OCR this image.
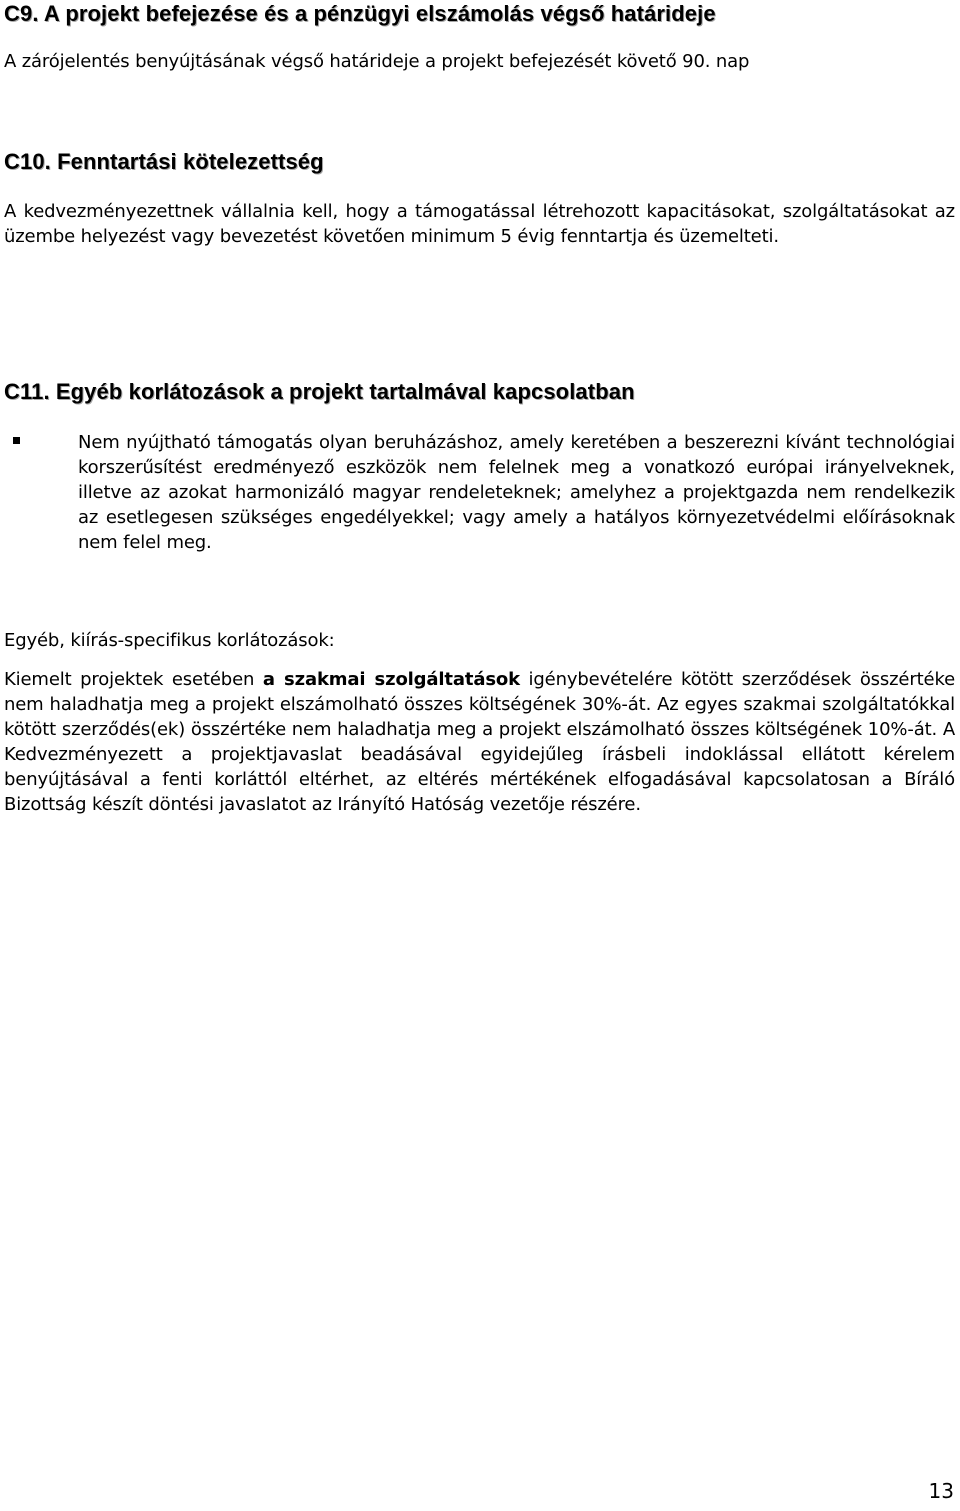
C9. A projekt befejezése és a pénzügyi elszámolás végső határideje

A zárójelentés benyújtásának végső határideje a projekt befejezését követő 90. nap

C10. Fenntartási kötelezettség

A kedvezményezettnek vállalnia kell, hogy a támogatással létrehozott kapacitásokat, szolgáltatásokat az üzembe helyezést vagy bevezetést követően minimum 5 évig fenntartja és üzemelteti.

C11. Egyéb korlátozások a projekt tartalmával kapcsolatban

Nem nyújtható támogatás olyan beruházáshoz, amely keretében a beszerezni kívánt technológiai korszerűsítést eredményező eszközök nem felelnek meg a vonatkozó európai irányelveknek, illetve az azokat harmonizáló magyar rendeleteknek; amelyhez a projektgazda nem rendelkezik az esetlegesen szükséges engedélyekkel; vagy amely a hatályos környezetvédelmi előírásoknak nem felel meg.

Egyéb, kiírás-specifikus korlátozások:

Kiemelt projektek esetében a szakmai szolgáltatások igénybevételére kötött szerződések összértéke nem haladhatja meg a projekt elszámolható összes költségének 30%-át. Az egyes szakmai szolgáltatókkal kötött szerződés(ek) összértéke nem haladhatja meg a projekt elszámolható összes költségének 10%-át. A Kedvezményezett a projektjavaslat beadásával egyidejűleg írásbeli indoklással ellátott kérelem benyújtásával a fenti korláttól eltérhet, az eltérés mértékének elfogadásával kapcsolatosan a Bíráló Bizottság készít döntési javaslatot az Irányító Hatóság vezetője részére.

13
